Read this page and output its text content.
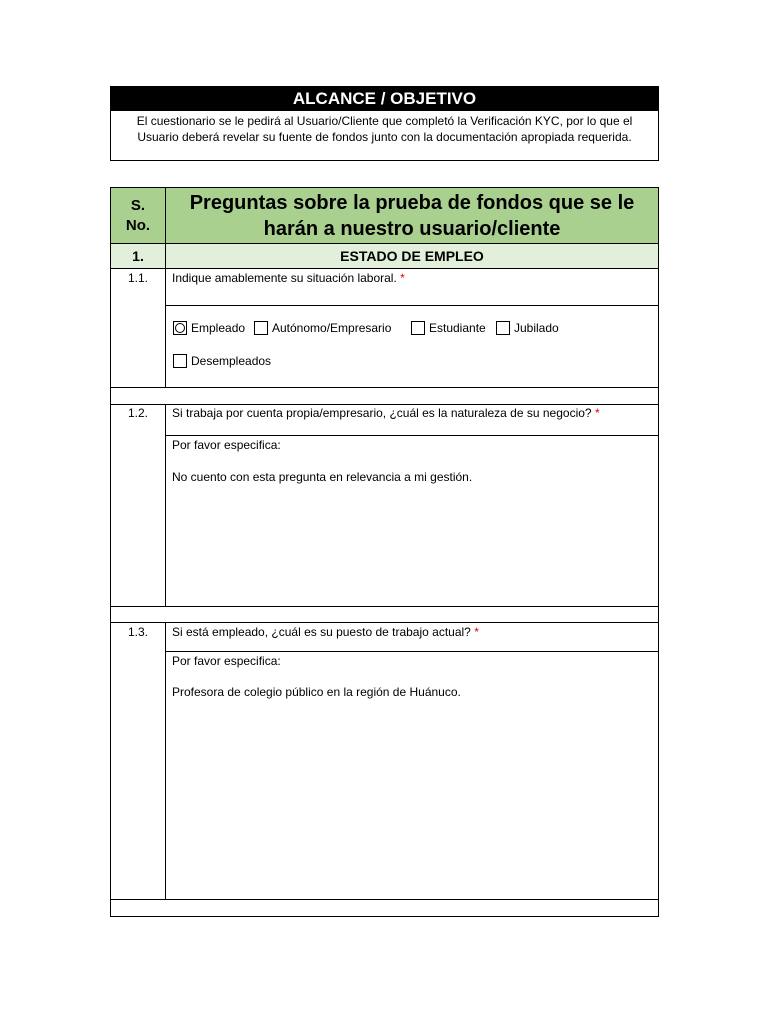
ALCANCE / OBJETIVO
El cuestionario se le pedirá al Usuario/Cliente que completó la Verificación KYC, por lo que el Usuario deberá revelar su fuente de fondos junto con la documentación apropiada requerida.
S.
No.
Preguntas sobre la prueba de fondos que se le harán a nuestro usuario/cliente
1.	ESTADO DE EMPLEO
1.1.	Indique amablemente su situación laboral. *
Empleado Autónomo/Empresario	Estudiante Jubilado
Desempleados
1.2.	Si trabaja por cuenta propia/empresario, ¿cuál es la naturaleza de su negocio? *
Por favor especifica:
No cuento con esta pregunta en relevancia a mi gestión.
1.3.	Si está empleado, ¿cuál es su puesto de trabajo actual? *
Por favor especifica:
Profesora de colegio público en la región de Huánuco.
